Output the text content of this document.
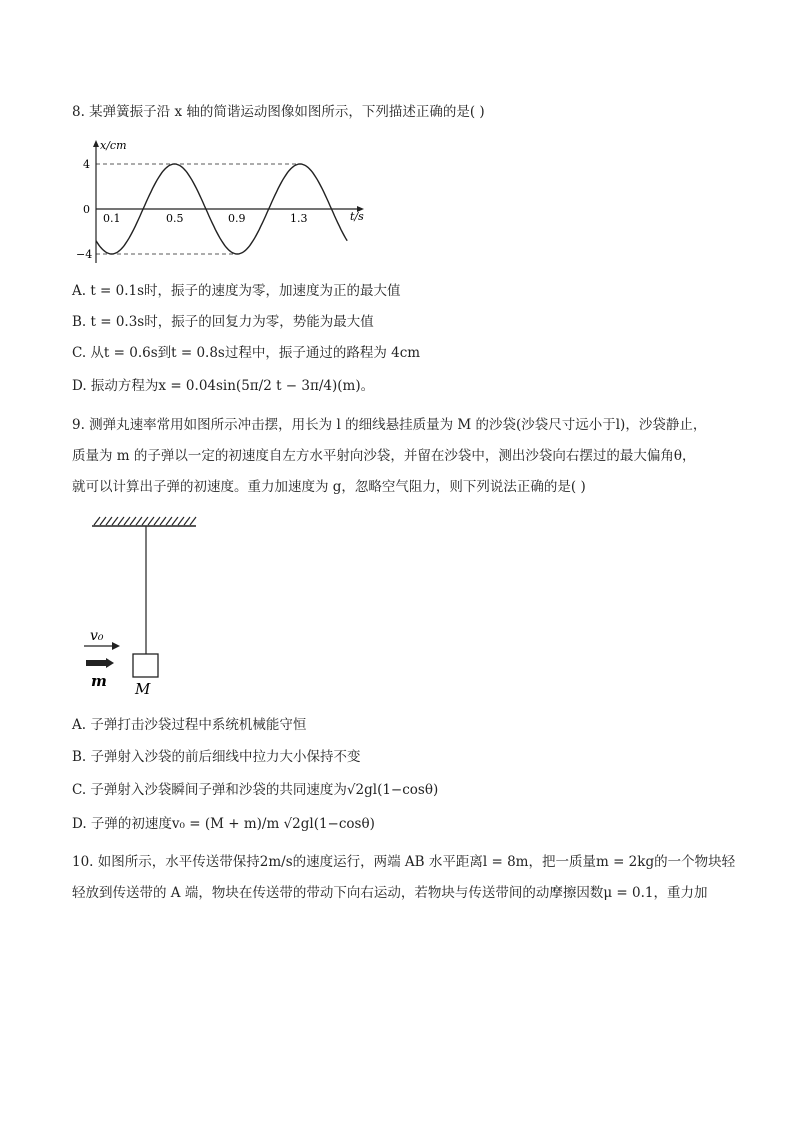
8. 某弹簧振子沿 x 轴的简谐运动图像如图所示，下列描述正确的是( )
x/cm
t/s
4
0
−4
0.1	0.5	0.9	1.3
A. t = 0.1s时，振子的速度为零，加速度为正的最大值
B. t = 0.3s时，振子的回复力为零，势能为最大值
C. 从t = 0.6s到t = 0.8s过程中，振子通过的路程为 4cm
D. 振动方程为x = 0.04sin(5π/2 t − 3π/4)(m)。
9. 测弹丸速率常用如图所示冲击摆，用长为 l 的细线悬挂质量为 M 的沙袋(沙袋尺寸远小于l)，沙袋静止，
质量为 m 的子弹以一定的初速度自左方水平射向沙袋，并留在沙袋中，测出沙袋向右摆过的最大偏角θ，
就可以计算出子弹的初速度。重力加速度为 g，忽略空气阻力，则下列说法正确的是( )
M
v₀
m
A. 子弹打击沙袋过程中系统机械能守恒
B. 子弹射入沙袋的前后细线中拉力大小保持不变
C. 子弹射入沙袋瞬间子弹和沙袋的共同速度为√2gl(1−cosθ)
D. 子弹的初速度v₀ = (M + m)/m √2gl(1−cosθ)
10. 如图所示，水平传送带保持2m/s的速度运行，两端 AB 水平距离l = 8m，把一质量m = 2kg的一个物块轻
轻放到传送带的 A 端，物块在传送带的带动下向右运动，若物块与传送带间的动摩擦因数μ = 0.1，重力加
